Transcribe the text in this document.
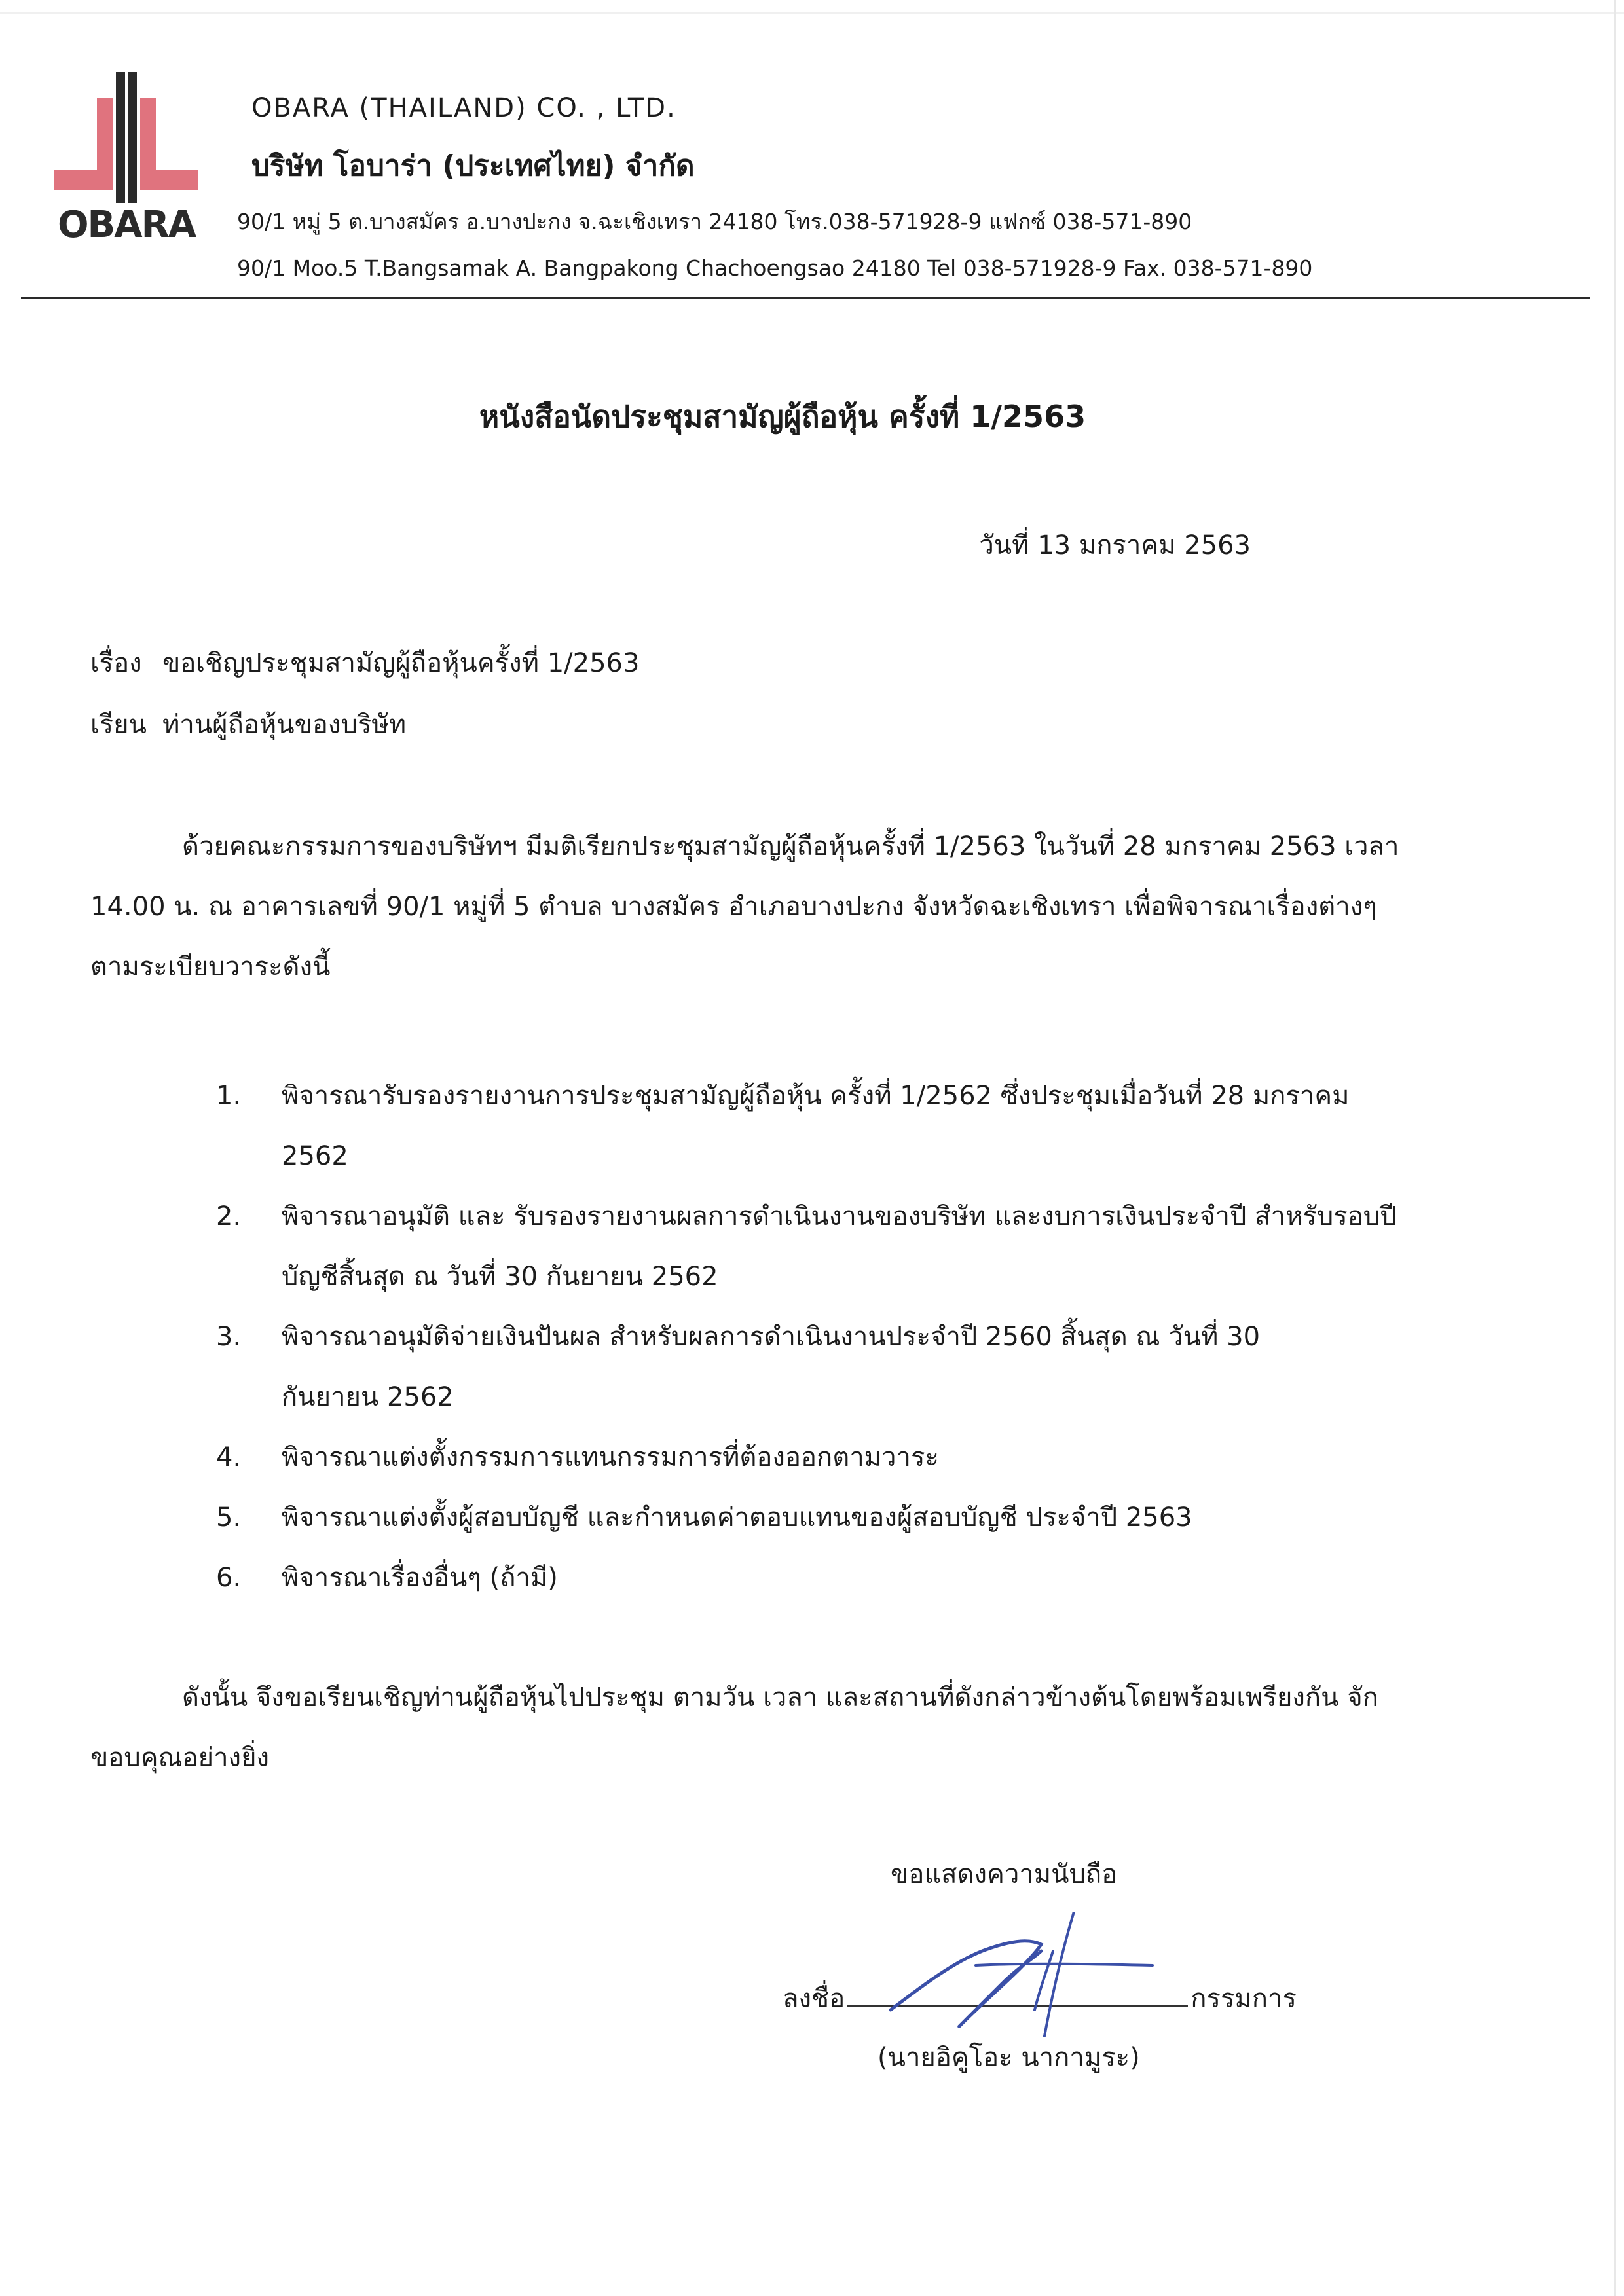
OBARA
OBARA (THAILAND) CO. , LTD.
บริษัท โอบาร่า (ประเทศไทย) จำกัด
90/1 หมู่ 5 ต.บางสมัคร อ.บางปะกง จ.ฉะเชิงเทรา 24180 โทร.038-571928-9 แฟกซ์ 038-571-890
90/1 Moo.5 T.Bangsamak A. Bangpakong Chachoengsao 24180 Tel 038-571928-9 Fax. 038-571-890
หนังสือนัดประชุมสามัญผู้ถือหุ้น ครั้งที่ 1/2563
วันที่ 13 มกราคม 2563
เรื่อง ขอเชิญประชุมสามัญผู้ถือหุ้นครั้งที่ 1/2563
เรียน ท่านผู้ถือหุ้นของบริษัท
ด้วยคณะกรรมการของบริษัทฯ มีมติเรียกประชุมสามัญผู้ถือหุ้นครั้งที่ 1/2563 ในวันที่ 28 มกราคม 2563 เวลา
14.00 น. ณ อาคารเลขที่ 90/1 หมู่ที่ 5 ตำบล บางสมัคร อำเภอบางปะกง จังหวัดฉะเชิงเทรา เพื่อพิจารณาเรื่องต่างๆ
ตามระเบียบวาระดังนี้
1. พิจารณารับรองรายงานการประชุมสามัญผู้ถือหุ้น ครั้งที่ 1/2562 ซึ่งประชุมเมื่อวันที่ 28 มกราคม
2562
2. พิจารณาอนุมัติ และ รับรองรายงานผลการดำเนินงานของบริษัท และงบการเงินประจำปี สำหรับรอบปี
บัญชีสิ้นสุด ณ วันที่ 30 กันยายน 2562
3. พิจารณาอนุมัติจ่ายเงินปันผล สำหรับผลการดำเนินงานประจำปี 2560 สิ้นสุด ณ วันที่ 30
กันยายน 2562
4. พิจารณาแต่งตั้งกรรมการแทนกรรมการที่ต้องออกตามวาระ
5. พิจารณาแต่งตั้งผู้สอบบัญชี และกำหนดค่าตอบแทนของผู้สอบบัญชี ประจำปี 2563
6. พิจารณาเรื่องอื่นๆ (ถ้ามี)
ดังนั้น จึงขอเรียนเชิญท่านผู้ถือหุ้นไปประชุม ตามวัน เวลา และสถานที่ดังกล่าวข้างต้นโดยพร้อมเพรียงกัน จัก
ขอบคุณอย่างยิ่ง
ขอแสดงความนับถือ
ลงชื่อ	กรรมการ
(นายอิคูโอะ นากามูระ)
